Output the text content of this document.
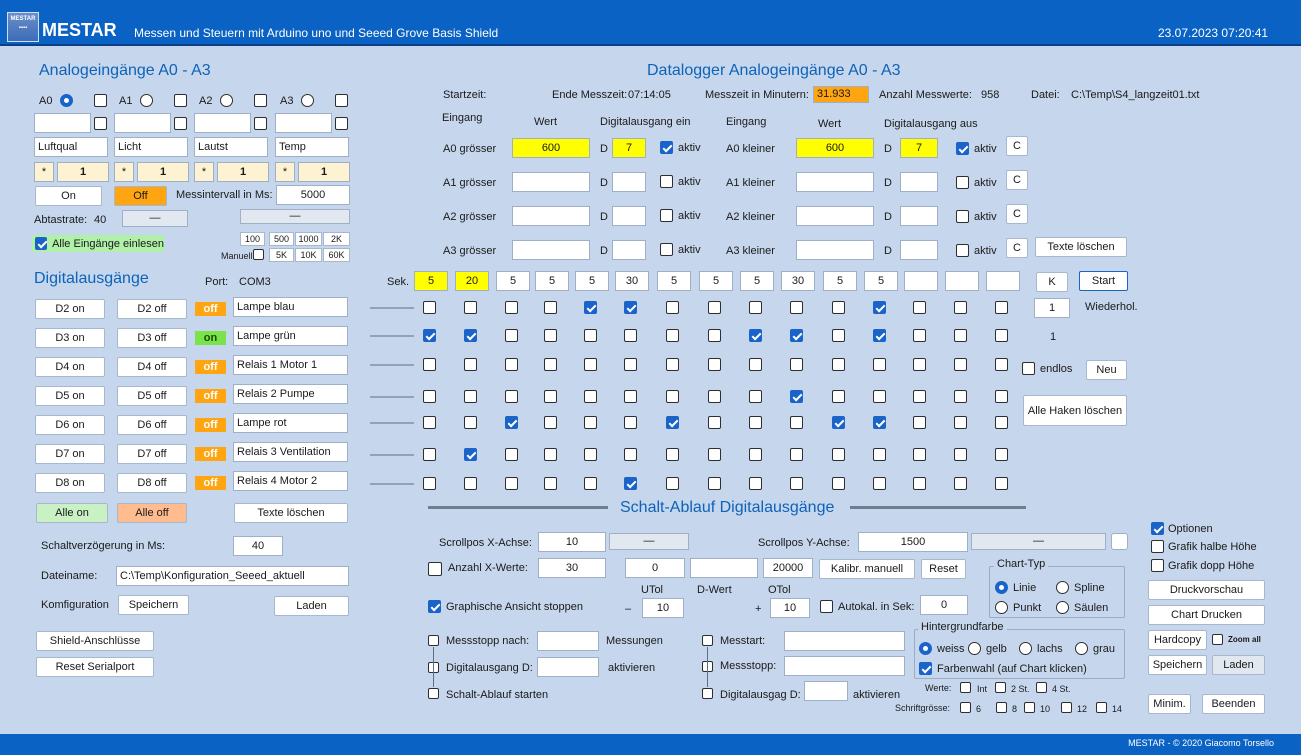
MESTAR
▪▪▪▪ MESTAR Messen und Steuern mit Arduino uno und Seeed Grove Basis Shield	23.07.2023 07:20:41
Analogeingänge A0 - A3
On	Off	Messintervall in Ms:	5000
Abtastrate: 40	—	—
Alle Eingänge einlesen
Manuell
Digitalausgänge	Port: COM3
Alle on	Alle off	Texte löschen
Schaltverzögerung in Ms:	40
Dateiname:	C:\Temp\Konfiguration_Seeed_aktuell
Komfiguration	Speichern	Laden
Shield-Anschlüsse
Reset Serialport
Datalogger Analogeingänge A0 - A3
Startzeit:	Ende Messzeit: 07:14:05	Messzeit in Minutern: 31.933	Anzahl Messwerte: 958	Datei: C:\Temp\S4_langzeit01.txt
Eingang	Wert	Digitalausgang ein	Eingang	Wert	Digitalausgang aus
Texte löschen
Sek.	K	Start
1	Wiederhol.
1
endlos	Neu
Alle Haken löschen
Schalt-Ablauf Digitalausgänge
Scrollpos X-Achse:	10	—	Scrollpos Y-Achse:	1500	—
Anzahl X-Werte:	30	0	20000	Kalibr. manuell	Reset
UTol	D-Wert	OTol
Graphische Ansicht stoppen	–	10	+	10	Autokal. in Sek:	0
Messstopp nach:	Messungen
Digitalausgang D:	aktivieren
Schalt-Ablauf starten
Messtart:
Messstopp:
Digitalausgag D:	aktivieren
Chart-Typ
Linie	Spline
Punkt	Säulen
Hintergrundfarbe
weiss gelb	lachs	grau
Farbenwahl (auf Chart klicken)
Werte:	Int	2 St. 4 St.
Schriftgrösse:
Optionen
Grafik halbe Höhe
Grafik dopp Höhe
Druckvorschau
Chart Drucken
Hardcopy	Zoom all
Speichern	Laden
Minim.	Beenden
MESTAR - © 2020 Giacomo Torsello
A0
Luftqual
*	1
A1
Licht
*	1
A2
Lautst
*	1
A3
Temp
*	1
100	500	1000	2K
5K	10K	60K
D2 on	D2 off	off	Lampe blau
D3 on	D3 off	on	Lampe grün
D4 on	D4 off	off	Relais 1 Motor 1
D5 on	D5 off	off	Relais 2 Pumpe
D6 on	D6 off	off	Lampe rot
D7 on	D7 off	off	Relais 3 Ventilation
D8 on	D8 off	off	Relais 4 Motor 2
A0 grösser	600	D	7	aktiv A0 kleiner	600	D	7	aktiv	C
A1 grösser	D	aktiv A1 kleiner	D	aktiv	C
A2 grösser	D	aktiv A2 kleiner	D	aktiv	C
A3 grösser	D	aktiv A3 kleiner	D	aktiv	C
5	20	5	5	5	30	5	5	5	30	5	5
6	8	10	12	14
